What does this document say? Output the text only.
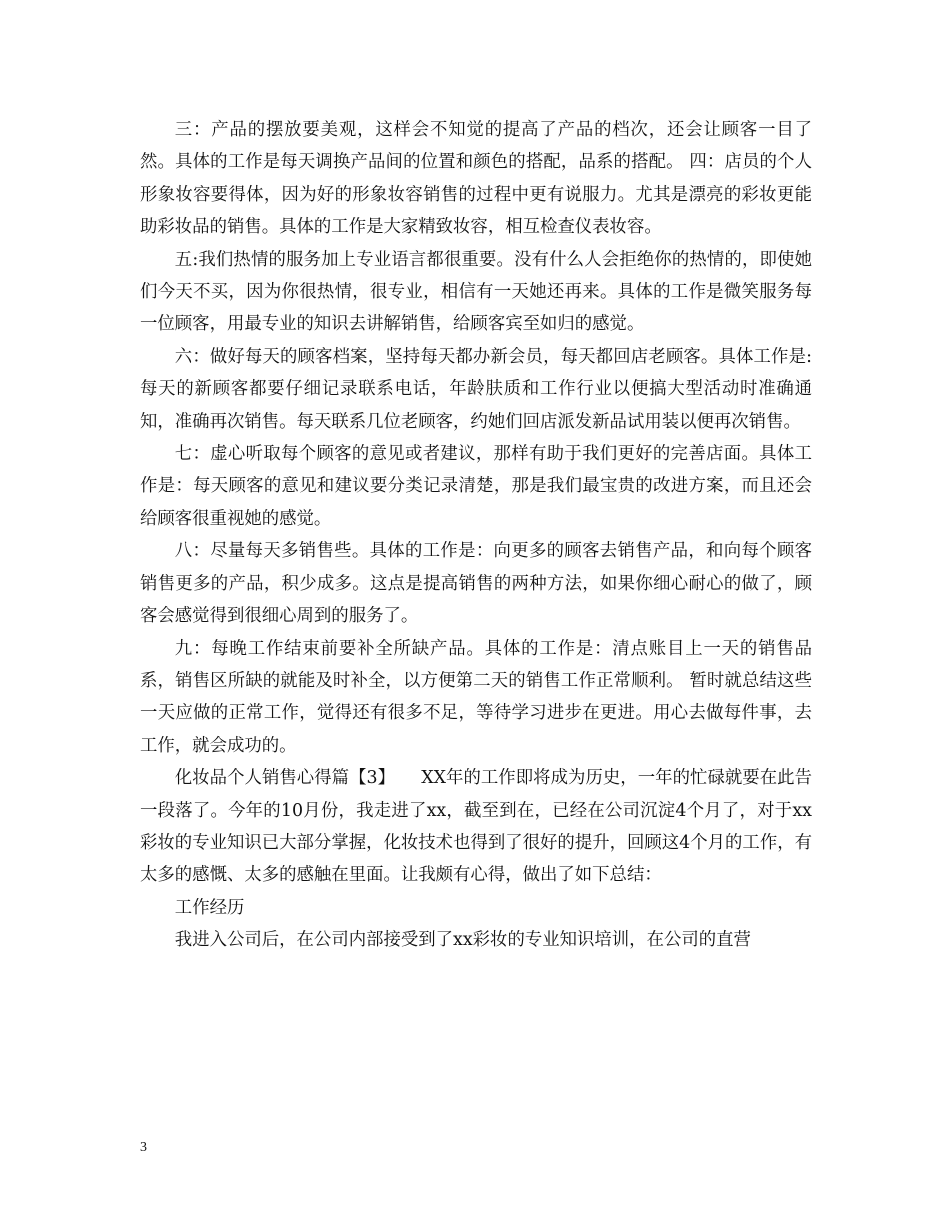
三：产品的摆放要美观，这样会不知觉的提高了产品的档次，还会让顾客一目了然。具体的工作是每天调换产品间的位置和颜色的搭配，品系的搭配。 四：店员的个人形象妆容要得体，因为好的形象妆容销售的过程中更有说服力。尤其是漂亮的彩妆更能助彩妆品的销售。具体的工作是大家精致妆容，相互检查仪表妆容。

五:我们热情的服务加上专业语言都很重要。没有什么人会拒绝你的热情的，即使她们今天不买，因为你很热情，很专业，相信有一天她还再来。具体的工作是微笑服务每一位顾客，用最专业的知识去讲解销售，给顾客宾至如归的感觉。

六：做好每天的顾客档案，坚持每天都办新会员，每天都回店老顾客。具体工作是:每天的新顾客都要仔细记录联系电话，年龄肤质和工作行业以便搞大型活动时准确通知，准确再次销售。每天联系几位老顾客，约她们回店派发新品试用装以便再次销售。

七：虚心听取每个顾客的意见或者建议，那样有助于我们更好的完善店面。具体工作是：每天顾客的意见和建议要分类记录清楚，那是我们最宝贵的改进方案，而且还会给顾客很重视她的感觉。

八：尽量每天多销售些。具体的工作是：向更多的顾客去销售产品，和向每个顾客销售更多的产品，积少成多。这点是提高销售的两种方法，如果你细心耐心的做了，顾客会感觉得到很细心周到的服务了。

九：每晚工作结束前要补全所缺产品。具体的工作是：清点账目上一天的销售品系，销售区所缺的就能及时补全，以方便第二天的销售工作正常顺利。 暂时就总结这些一天应做的正常工作，觉得还有很多不足，等待学习进步在更进。用心去做每件事，去工作，就会成功的。

化妆品个人销售心得篇【3】　　XX年的工作即将成为历史，一年的忙碌就要在此告一段落了。今年的10月份，我走进了xx，截至到在，已经在公司沉淀4个月了，对于xx彩妆的专业知识已大部分掌握，化妆技术也得到了很好的提升，回顾这4个月的工作，有太多的感慨、太多的感触在里面。让我颇有心得，做出了如下总结：

工作经历

我进入公司后，在公司内部接受到了xx彩妆的专业知识培训，在公司的直营

3
